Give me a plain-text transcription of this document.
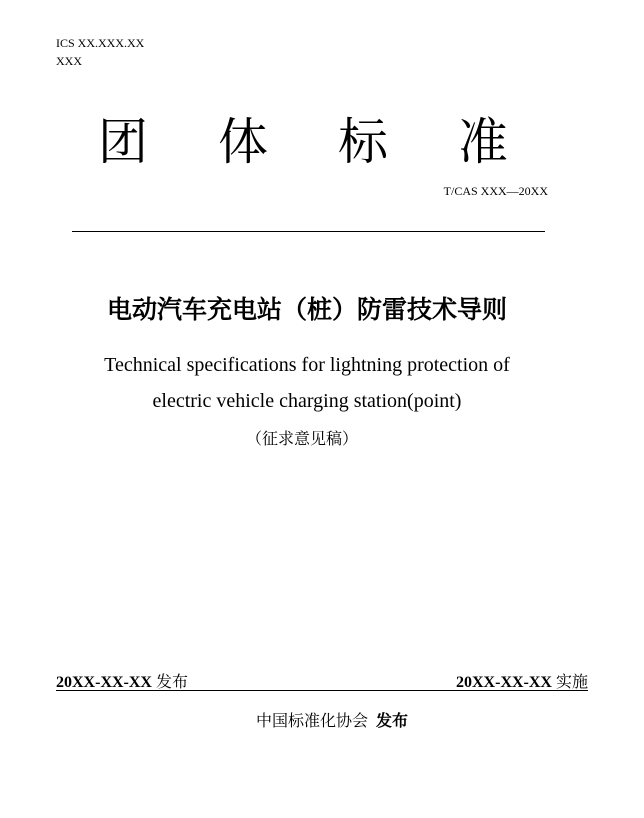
ICS XX.XXX.XX
XXX
团 体 标 准
T/CAS XXX—20XX
电动汽车充电站（桩）防雷技术导则
Technical specifications for lightning protection of
electric vehicle charging station(point)
（征求意见稿）
20XX-XX-XX 发布	20XX-XX-XX 实施
中国标准化协会 发布
